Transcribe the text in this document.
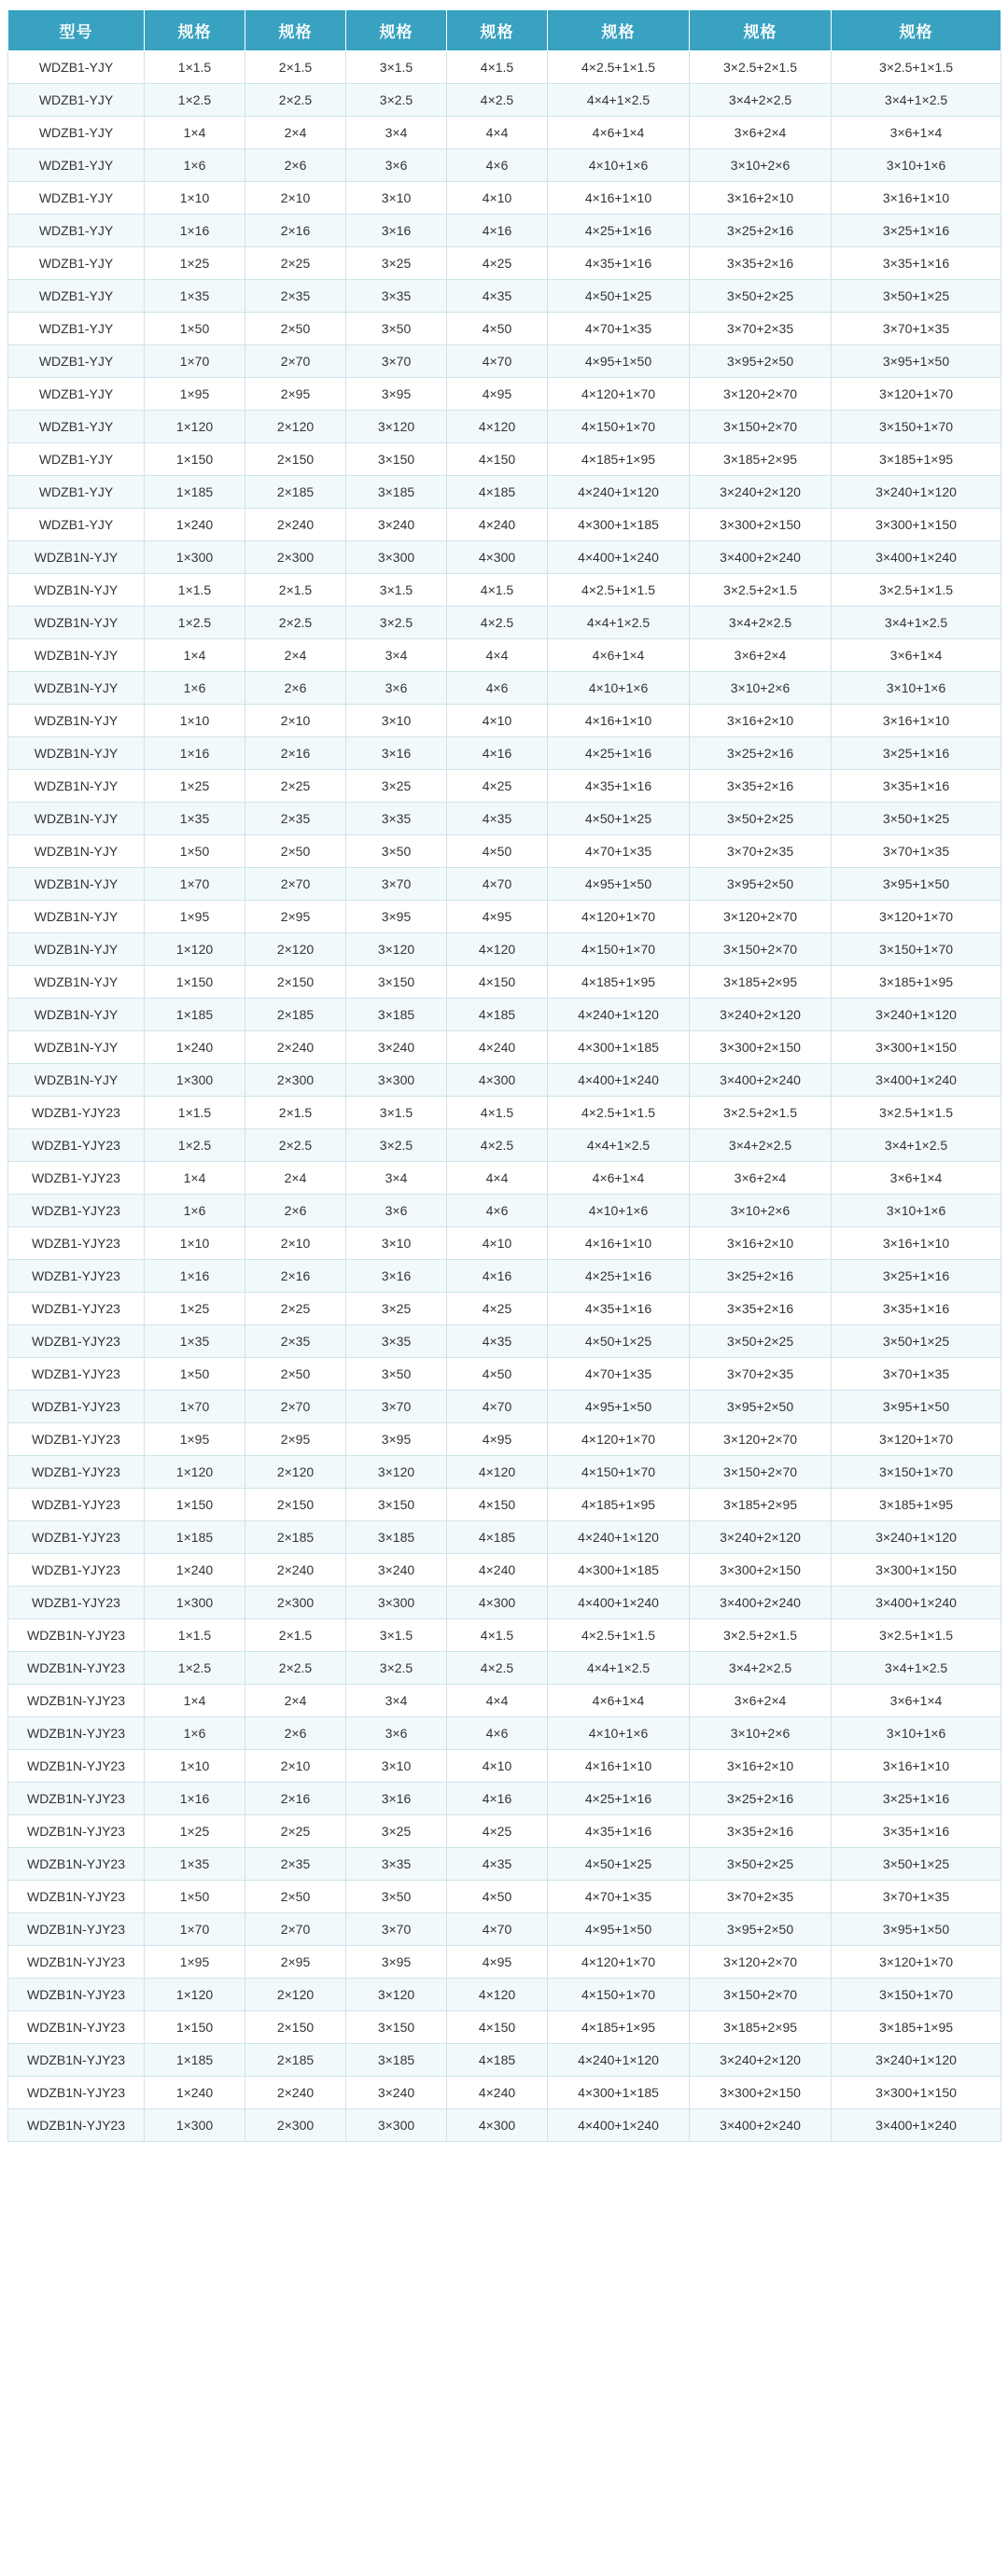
型号	规格	规格	规格	规格	规格	规格	规格
WDZB1-YJY	1×1.5	2×1.5	3×1.5	4×1.5	4×2.5+1×1.5	3×2.5+2×1.5	3×2.5+1×1.5
WDZB1-YJY	1×2.5	2×2.5	3×2.5	4×2.5	4×4+1×2.5	3×4+2×2.5	3×4+1×2.5
WDZB1-YJY	1×4	2×4	3×4	4×4	4×6+1×4	3×6+2×4	3×6+1×4
WDZB1-YJY	1×6	2×6	3×6	4×6	4×10+1×6	3×10+2×6	3×10+1×6
WDZB1-YJY	1×10	2×10	3×10	4×10	4×16+1×10	3×16+2×10	3×16+1×10
WDZB1-YJY	1×16	2×16	3×16	4×16	4×25+1×16	3×25+2×16	3×25+1×16
WDZB1-YJY	1×25	2×25	3×25	4×25	4×35+1×16	3×35+2×16	3×35+1×16
WDZB1-YJY	1×35	2×35	3×35	4×35	4×50+1×25	3×50+2×25	3×50+1×25
WDZB1-YJY	1×50	2×50	3×50	4×50	4×70+1×35	3×70+2×35	3×70+1×35
WDZB1-YJY	1×70	2×70	3×70	4×70	4×95+1×50	3×95+2×50	3×95+1×50
WDZB1-YJY	1×95	2×95	3×95	4×95	4×120+1×70	3×120+2×70	3×120+1×70
WDZB1-YJY	1×120	2×120	3×120	4×120	4×150+1×70	3×150+2×70	3×150+1×70
WDZB1-YJY	1×150	2×150	3×150	4×150	4×185+1×95	3×185+2×95	3×185+1×95
WDZB1-YJY	1×185	2×185	3×185	4×185	4×240+1×120	3×240+2×120	3×240+1×120
WDZB1-YJY	1×240	2×240	3×240	4×240	4×300+1×185	3×300+2×150	3×300+1×150
WDZB1N-YJY	1×300	2×300	3×300	4×300	4×400+1×240	3×400+2×240	3×400+1×240
WDZB1N-YJY	1×1.5	2×1.5	3×1.5	4×1.5	4×2.5+1×1.5	3×2.5+2×1.5	3×2.5+1×1.5
WDZB1N-YJY	1×2.5	2×2.5	3×2.5	4×2.5	4×4+1×2.5	3×4+2×2.5	3×4+1×2.5
WDZB1N-YJY	1×4	2×4	3×4	4×4	4×6+1×4	3×6+2×4	3×6+1×4
WDZB1N-YJY	1×6	2×6	3×6	4×6	4×10+1×6	3×10+2×6	3×10+1×6
WDZB1N-YJY	1×10	2×10	3×10	4×10	4×16+1×10	3×16+2×10	3×16+1×10
WDZB1N-YJY	1×16	2×16	3×16	4×16	4×25+1×16	3×25+2×16	3×25+1×16
WDZB1N-YJY	1×25	2×25	3×25	4×25	4×35+1×16	3×35+2×16	3×35+1×16
WDZB1N-YJY	1×35	2×35	3×35	4×35	4×50+1×25	3×50+2×25	3×50+1×25
WDZB1N-YJY	1×50	2×50	3×50	4×50	4×70+1×35	3×70+2×35	3×70+1×35
WDZB1N-YJY	1×70	2×70	3×70	4×70	4×95+1×50	3×95+2×50	3×95+1×50
WDZB1N-YJY	1×95	2×95	3×95	4×95	4×120+1×70	3×120+2×70	3×120+1×70
WDZB1N-YJY	1×120	2×120	3×120	4×120	4×150+1×70	3×150+2×70	3×150+1×70
WDZB1N-YJY	1×150	2×150	3×150	4×150	4×185+1×95	3×185+2×95	3×185+1×95
WDZB1N-YJY	1×185	2×185	3×185	4×185	4×240+1×120	3×240+2×120	3×240+1×120
WDZB1N-YJY	1×240	2×240	3×240	4×240	4×300+1×185	3×300+2×150	3×300+1×150
WDZB1N-YJY	1×300	2×300	3×300	4×300	4×400+1×240	3×400+2×240	3×400+1×240
WDZB1-YJY23	1×1.5	2×1.5	3×1.5	4×1.5	4×2.5+1×1.5	3×2.5+2×1.5	3×2.5+1×1.5
WDZB1-YJY23	1×2.5	2×2.5	3×2.5	4×2.5	4×4+1×2.5	3×4+2×2.5	3×4+1×2.5
WDZB1-YJY23	1×4	2×4	3×4	4×4	4×6+1×4	3×6+2×4	3×6+1×4
WDZB1-YJY23	1×6	2×6	3×6	4×6	4×10+1×6	3×10+2×6	3×10+1×6
WDZB1-YJY23	1×10	2×10	3×10	4×10	4×16+1×10	3×16+2×10	3×16+1×10
WDZB1-YJY23	1×16	2×16	3×16	4×16	4×25+1×16	3×25+2×16	3×25+1×16
WDZB1-YJY23	1×25	2×25	3×25	4×25	4×35+1×16	3×35+2×16	3×35+1×16
WDZB1-YJY23	1×35	2×35	3×35	4×35	4×50+1×25	3×50+2×25	3×50+1×25
WDZB1-YJY23	1×50	2×50	3×50	4×50	4×70+1×35	3×70+2×35	3×70+1×35
WDZB1-YJY23	1×70	2×70	3×70	4×70	4×95+1×50	3×95+2×50	3×95+1×50
WDZB1-YJY23	1×95	2×95	3×95	4×95	4×120+1×70	3×120+2×70	3×120+1×70
WDZB1-YJY23	1×120	2×120	3×120	4×120	4×150+1×70	3×150+2×70	3×150+1×70
WDZB1-YJY23	1×150	2×150	3×150	4×150	4×185+1×95	3×185+2×95	3×185+1×95
WDZB1-YJY23	1×185	2×185	3×185	4×185	4×240+1×120	3×240+2×120	3×240+1×120
WDZB1-YJY23	1×240	2×240	3×240	4×240	4×300+1×185	3×300+2×150	3×300+1×150
WDZB1-YJY23	1×300	2×300	3×300	4×300	4×400+1×240	3×400+2×240	3×400+1×240
WDZB1N-YJY23	1×1.5	2×1.5	3×1.5	4×1.5	4×2.5+1×1.5	3×2.5+2×1.5	3×2.5+1×1.5
WDZB1N-YJY23	1×2.5	2×2.5	3×2.5	4×2.5	4×4+1×2.5	3×4+2×2.5	3×4+1×2.5
WDZB1N-YJY23	1×4	2×4	3×4	4×4	4×6+1×4	3×6+2×4	3×6+1×4
WDZB1N-YJY23	1×6	2×6	3×6	4×6	4×10+1×6	3×10+2×6	3×10+1×6
WDZB1N-YJY23	1×10	2×10	3×10	4×10	4×16+1×10	3×16+2×10	3×16+1×10
WDZB1N-YJY23	1×16	2×16	3×16	4×16	4×25+1×16	3×25+2×16	3×25+1×16
WDZB1N-YJY23	1×25	2×25	3×25	4×25	4×35+1×16	3×35+2×16	3×35+1×16
WDZB1N-YJY23	1×35	2×35	3×35	4×35	4×50+1×25	3×50+2×25	3×50+1×25
WDZB1N-YJY23	1×50	2×50	3×50	4×50	4×70+1×35	3×70+2×35	3×70+1×35
WDZB1N-YJY23	1×70	2×70	3×70	4×70	4×95+1×50	3×95+2×50	3×95+1×50
WDZB1N-YJY23	1×95	2×95	3×95	4×95	4×120+1×70	3×120+2×70	3×120+1×70
WDZB1N-YJY23	1×120	2×120	3×120	4×120	4×150+1×70	3×150+2×70	3×150+1×70
WDZB1N-YJY23	1×150	2×150	3×150	4×150	4×185+1×95	3×185+2×95	3×185+1×95
WDZB1N-YJY23	1×185	2×185	3×185	4×185	4×240+1×120	3×240+2×120	3×240+1×120
WDZB1N-YJY23	1×240	2×240	3×240	4×240	4×300+1×185	3×300+2×150	3×300+1×150
WDZB1N-YJY23	1×300	2×300	3×300	4×300	4×400+1×240	3×400+2×240	3×400+1×240
